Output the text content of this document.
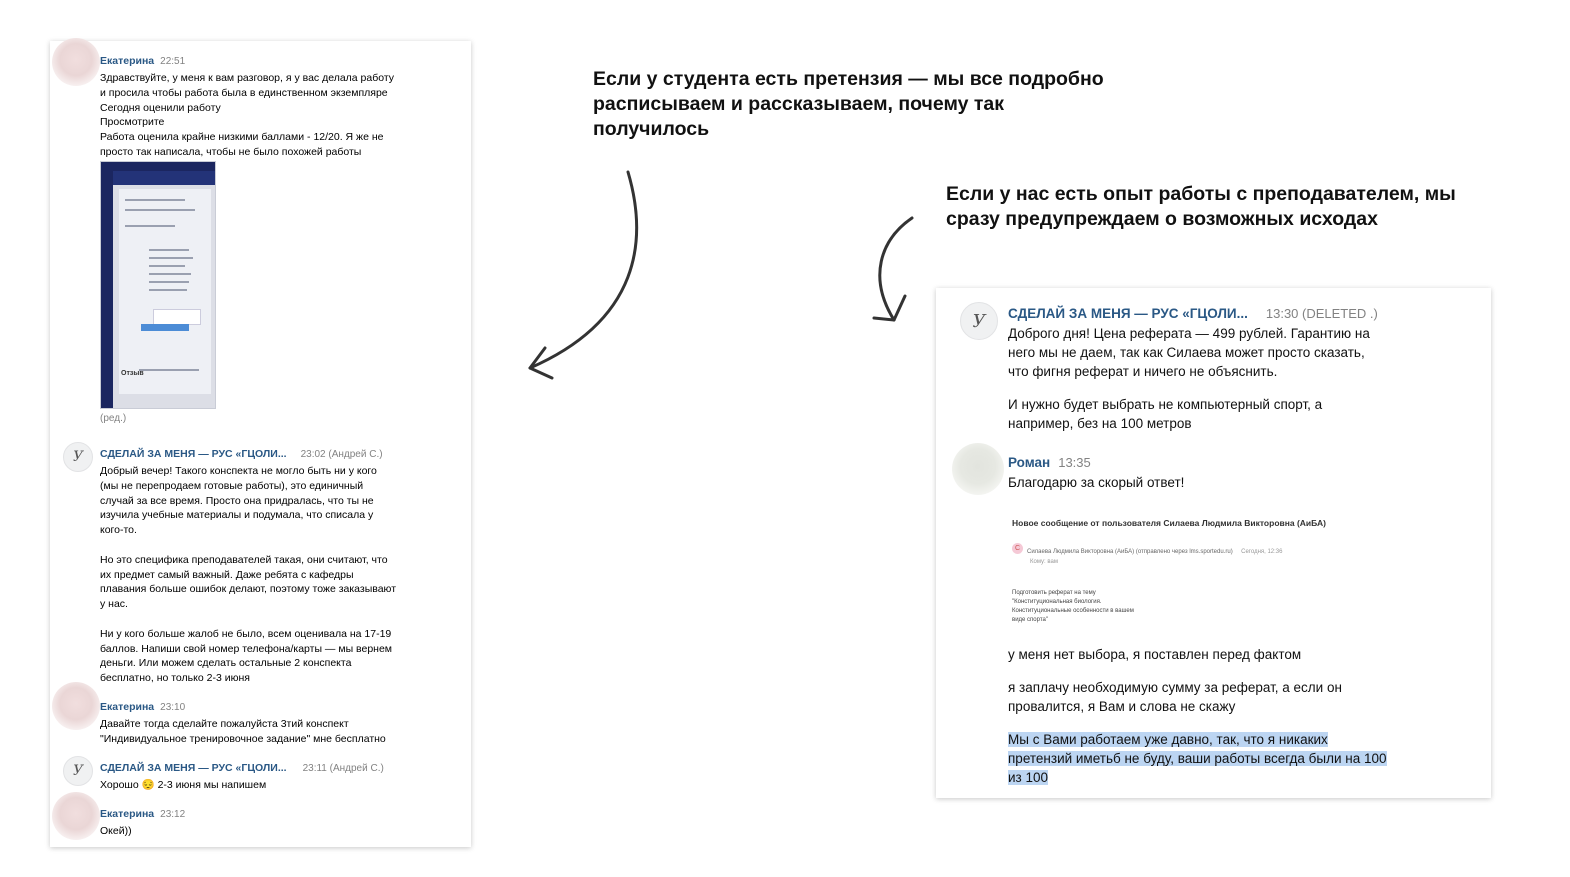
Если у студента есть претензия — мы все подробно расписываем и рассказываем, почему так получилось
Если у нас есть опыт работы с преподавателем, мы сразу предупреждаем о возможных исходах
Екатерина 22:51
Здравствуйте, у меня к вам разговор, я у вас делала работу
и просила чтобы работа была в единственном экземпляре
Сегодня оценили работу
Просмотрите
Работа оценила крайне низкими баллами - 12/20. Я же не
просто так написала, чтобы не было похожей работы
Отзыв
(ред.)
У СДЕЛАЙ ЗА МЕНЯ — РУС «ГЦОЛИ... 23:02 (Андрей С.)
Добрый вечер! Такого конспекта не могло быть ни у кого
(мы не перепродаем готовые работы), это единичный
случай за все время. Просто она придралась, что ты не
изучила учебные материалы и подумала, что списала у
кого-то.

Но это специфика преподавателей такая, они считают, что
их предмет самый важный. Даже ребята с кафедры
плавания больше ошибок делают, поэтому тоже заказывают
у нас.

Ни у кого больше жалоб не было, всем оценивала на 17-19
баллов. Напиши свой номер телефона/карты — мы вернем
деньги. Или можем сделать остальные 2 конспекта
бесплатно, но только 2-3 июня
Екатерина 23:10
Давайте тогда сделайте пожалуйста 3тий конспект
"Индивидуальное тренировочное задание" мне бесплатно
У СДЕЛАЙ ЗА МЕНЯ — РУС «ГЦОЛИ... 23:11 (Андрей С.)
Хорошо 😔 2-3 июня мы напишем
Екатерина 23:12
Окей))
У СДЕЛАЙ ЗА МЕНЯ — РУС «ГЦОЛИ... 13:30 (DELETED .)
Доброго дня! Цена реферата — 499 рублей. Гарантию на
него мы не даем, так как Силаева может просто сказать,
что фигня реферат и ничего не объяснить.
И нужно будет выбрать не компьютерный спорт, а
например, без на 100 метров
Роман 13:35
Благодарю за скорый ответ!
Новое сообщение от пользователя Силаева Людмила Викторовна (АиБА)
С Силаева Людмила Викторовна (АиБА) (отправлено через lms.sportedu.ru) Сегодня, 12:36
Кому: вам
Подготовить реферат на тему
"Конституциональная биология.
Конституциональные особенности в вашем
виде спорта"
у меня нет выбора, я поставлен перед фактом
я заплачу необходимую сумму за реферат, а если он
провалится, я Вам и слова не скажу
Мы с Вами работаем уже давно, так, что я никаких
претензий иметьб не буду, ваши работы всегда были на 100
из 100
